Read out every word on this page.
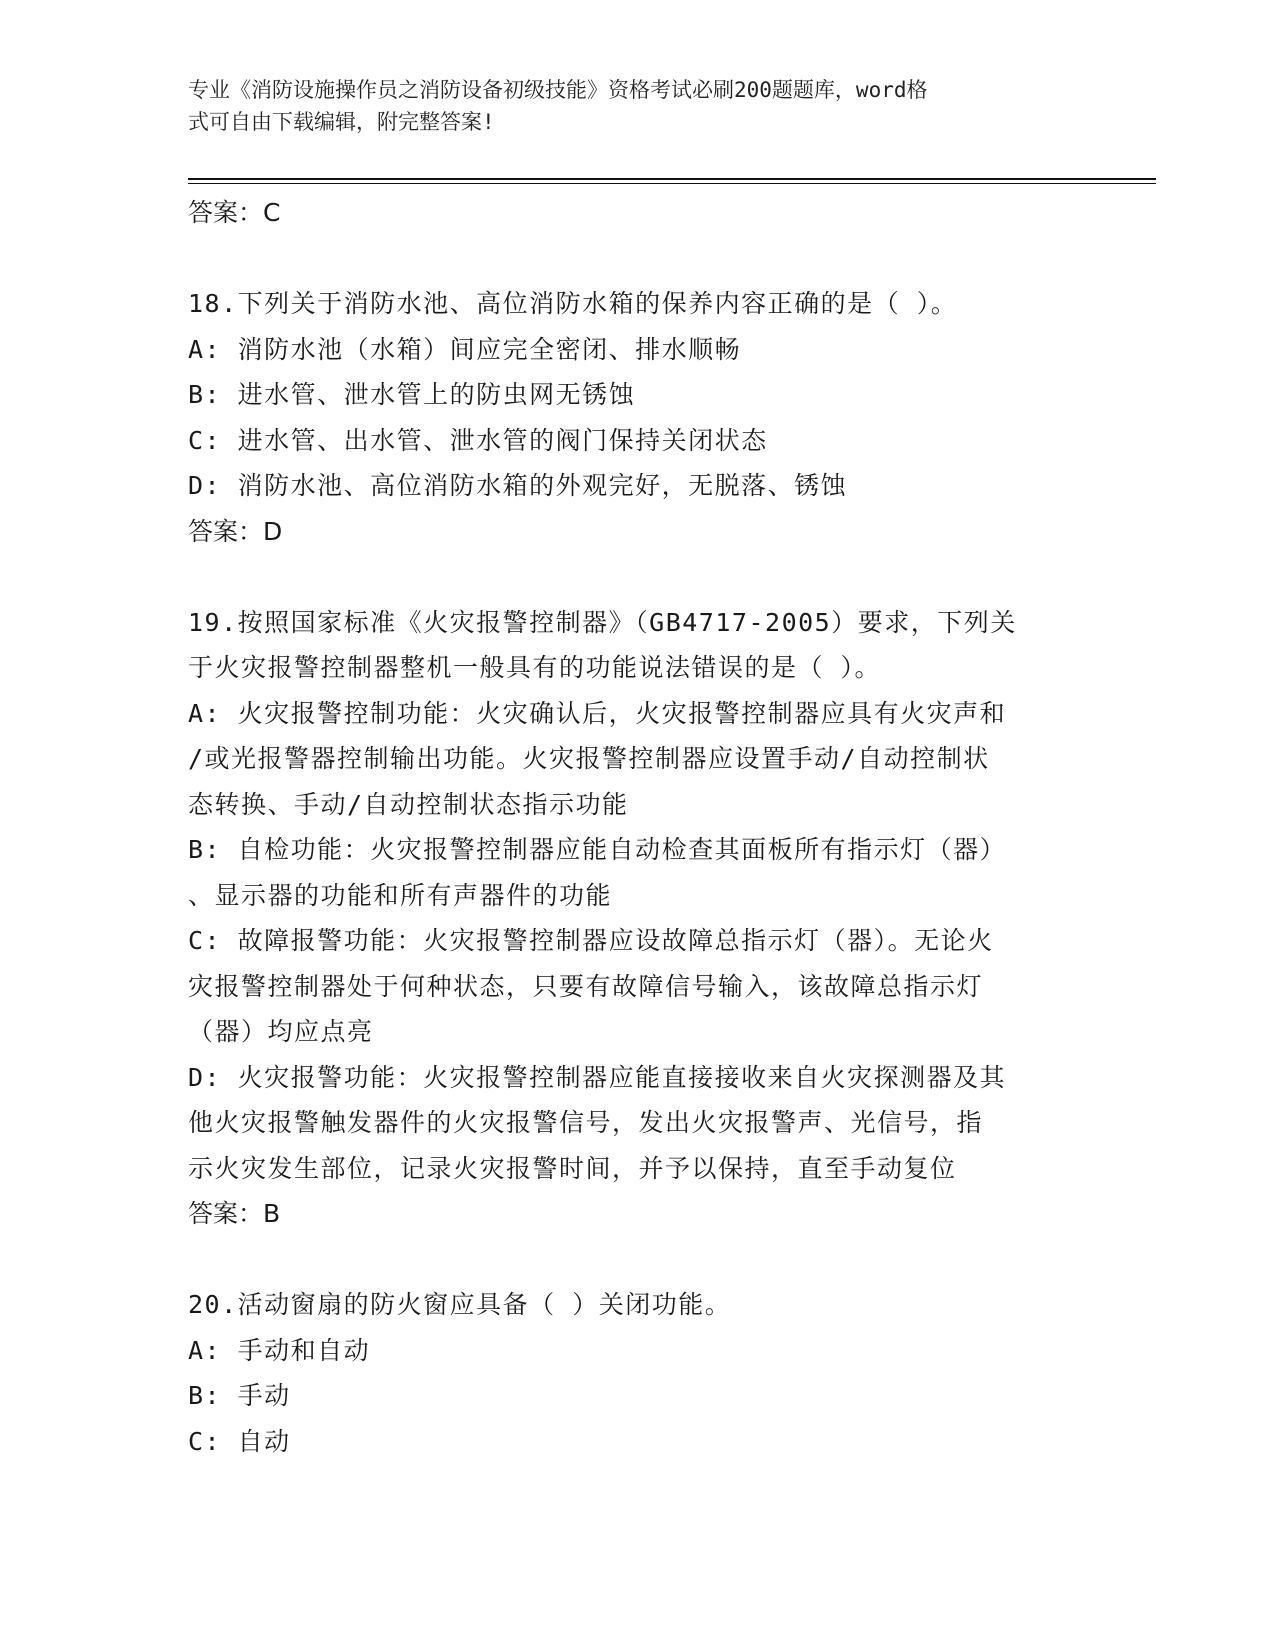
专业《消防设施操作员之消防设备初级技能》资格考试必刷200题题库，word格
式可自由下载编辑，附完整答案!
答案：C
18.下列关于消防水池、高位消防水箱的保养内容正确的是（ ）。
A: 消防水池（水箱）间应完全密闭、排水顺畅
B: 进水管、泄水管上的防虫网无锈蚀
C: 进水管、出水管、泄水管的阀门保持关闭状态
D: 消防水池、高位消防水箱的外观完好，无脱落、锈蚀
答案：D
19.按照国家标准《火灾报警控制器》（GB4717-2005）要求，下列关
于火灾报警控制器整机一般具有的功能说法错误的是（ ）。
A: 火灾报警控制功能：火灾确认后，火灾报警控制器应具有火灾声和
/或光报警器控制输出功能。火灾报警控制器应设置手动/自动控制状
态转换、手动/自动控制状态指示功能
B: 自检功能：火灾报警控制器应能自动检查其面板所有指示灯（器）
、显示器的功能和所有声器件的功能
C: 故障报警功能：火灾报警控制器应设故障总指示灯（器）。无论火
灾报警控制器处于何种状态，只要有故障信号输入，该故障总指示灯
（器）均应点亮
D: 火灾报警功能：火灾报警控制器应能直接接收来自火灾探测器及其
他火灾报警触发器件的火灾报警信号，发出火灾报警声、光信号，指
示火灾发生部位，记录火灾报警时间，并予以保持，直至手动复位
答案：B
20.活动窗扇的防火窗应具备（ ）关闭功能。
A: 手动和自动
B: 手动
C: 自动
